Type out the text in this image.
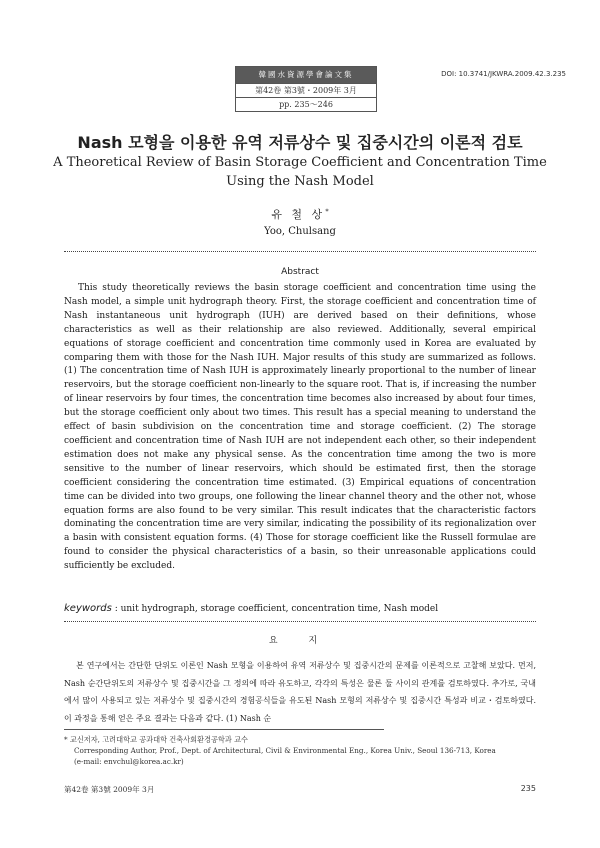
韓國水資源學會論文集
第42卷 第3號・2009年 3月
pp. 235～246
DOI: 10.3741/JKWRA.2009.42.3.235
Nash 모형을 이용한 유역 저류상수 및 집중시간의 이론적 검토
A Theoretical Review of Basin Storage Coefficient and Concentration Time Using the Nash Model
유 철 상*
Yoo, Chulsang
Abstract
This study theoretically reviews the basin storage coefficient and concentration time using the Nash model, a simple unit hydrograph theory. First, the storage coefficient and concentration time of Nash instantaneous unit hydrograph (IUH) are derived based on their definitions, whose characteristics as well as their relationship are also reviewed. Additionally, several empirical equations of storage coefficient and concentration time commonly used in Korea are evaluated by comparing them with those for the Nash IUH. Major results of this study are summarized as follows. (1) The concentration time of Nash IUH is approximately linearly proportional to the number of linear reservoirs, but the storage coefficient non-linearly to the square root. That is, if increasing the number of linear reservoirs by four times, the concentration time becomes also increased by about four times, but the storage coefficient only about two times. This result has a special meaning to understand the effect of basin subdivision on the concentration time and storage coefficient. (2) The storage coefficient and concentration time of Nash IUH are not independent each other, so their independent estimation does not make any physical sense. As the concentration time among the two is more sensitive to the number of linear reservoirs, which should be estimated first, then the storage coefficient considering the concentration time estimated. (3) Empirical equations of concentration time can be divided into two groups, one following the linear channel theory and the other not, whose equation forms are also found to be very similar. This result indicates that the characteristic factors dominating the concentration time are very similar, indicating the possibility of its regionalization over a basin with consistent equation forms. (4) Those for storage coefficient like the Russell formulae are found to consider the physical characteristics of a basin, so their unreasonable applications could sufficiently be excluded.
keywords : unit hydrograph, storage coefficient, concentration time, Nash model
요 지
본 연구에서는 간단한 단위도 이론인 Nash 모형을 이용하여 유역 저류상수 및 집중시간의 문제를 이론적으로 고찰해 보았다. 먼저, Nash 순간단위도의 저류상수 및 집중시간을 그 정의에 따라 유도하고, 각각의 특성은 물론 둘 사이의 관계를 검토하였다. 추가로, 국내에서 많이 사용되고 있는 저류상수 및 집중시간의 경험공식들을 유도된 Nash 모형의 저류상수 및 집중시간 특성과 비교・검토하였다. 이 과정을 통해 얻은 주요 결과는 다음과 같다. (1) Nash 순
* 교신저자, 고려대학교 공과대학 건축사회환경공학과 교수
Corresponding Author, Prof., Dept. of Architectural, Civil & Environmental Eng., Korea Univ., Seoul 136-713, Korea
(e-mail: envchul@korea.ac.kr)
第42卷 第3號 2009年 3月	235
